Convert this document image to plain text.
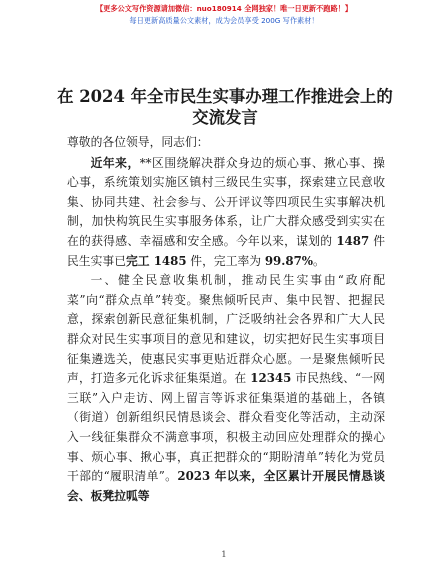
【更多公文写作资源请加微信：nuo180914 全网独家！唯一日更新不跑路！】
每日更新高质量公文素材，成为会员享受 200G 写作素材！
在 2024 年全市民生实事办理工作推进会上的交流发言

尊敬的各位领导，同志们：

近年来，**区围绕解决群众身边的烦心事、揪心事、操心事，系统策划实施区镇村三级民生实事，探索建立民意收集、协同共建、社会参与、公开评议等四项民生实事解决机制，加快构筑民生实事服务体系，让广大群众感受到实实在在的获得感、幸福感和安全感。今年以来，谋划的 1487 件民生实事已完工 1485 件，完工率为 99.87%。

一、健全民意收集机制，推动民生实事由“政府配菜”向“群众点单”转变。聚焦倾听民声、集中民智、把握民意，探索创新民意征集机制，广泛吸纳社会各界和广大人民群众对民生实事项目的意见和建议，切实把好民生实事项目征集遴选关，使惠民实事更贴近群众心愿。一是聚焦倾听民声，打造多元化诉求征集渠道。在 12345 市民热线、“一网三联”入户走访、网上留言等诉求征集渠道的基础上，各镇（街道）创新组织民情恳谈会、群众看变化等活动，主动深入一线征集群众不满意事项，积极主动回应处理群众的操心事、烦心事、揪心事，真正把群众的“期盼清单”转化为党员干部的“履职清单”。2023 年以来，全区累计开展民情恳谈会、板凳拉呱等

1
